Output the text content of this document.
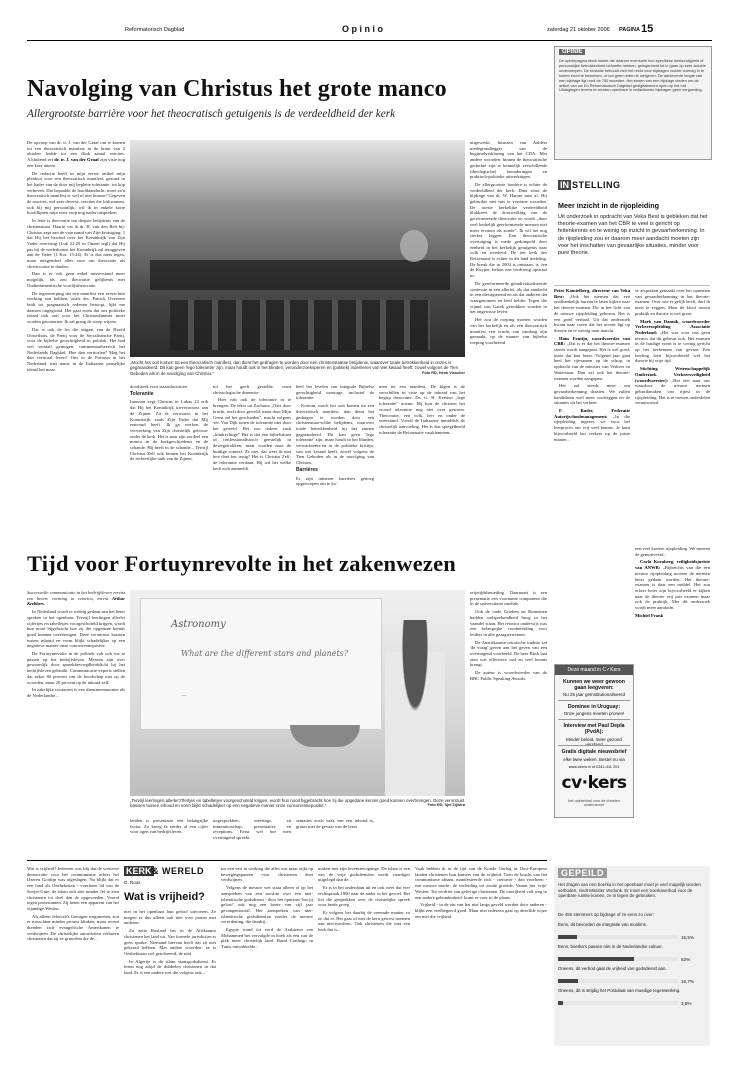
Reformatorisch Dagblad	O p i n i o	zaterdag 21 oktober 2006 PAGINA 15
Navolging van Christus het grote manco
Allergrootste barrière voor het theocratisch getuigenis is de verdeeldheid der kerk

De opvoep van dr. ir. J. van der Graaf om te komen tot een theocratisch manifest in de krant van 2 oktober leidde tot een flink aantal reacties. Afsluitend zet dr. ir. J. van der Graaf zijn visie nog een keer uiteen.

De redactie heeft in mijn eerste artikel mijn pleidooi voor een theocratisch manifest, gezond in het kader van de door mij beplette tolerantie, tot kop verheven. Dat bepaalde de hoofdaandacht: moet zo'n theocratisch manifest er wel of niet komen? Gegeven de reacties, wel zeer diverse, reacties die loskwamen, ook bij mij persoonlijk, wil ik in enkele korte hoofdlijnen mijn visie erop nog nader uitspreken.

In feite is theocratie ten diepste belijdenis van de christenstaat. Daarin vat ik dr. H. van den Belt bij: Christus zegt aan de voorzomd van Zijn kruisiging: 1 dat Hij het bewind over het Koninkrijk van Zijn Vader overvinig (Luk 22:29 in Onzen tegl) dat Hij pas bij de wederkomst het Koninkrijk zal teruggeven aan de Vader (1 Kor. 15:24). Er is dus niets tegen, maar integendeel alles voor om theocratie als christocratie te duiden.

Dan is er ook geen enkel misverstand meer mogelijk, als zou theocratie gelijkenis met Oudtestamentische voorlijstheocratie.

De tegenwerping dat een manifest een averechtse werking zou hebben, zoals drs. Patrick Overeem leidt tot pragmatisch redenen betoogt, lijkt me daarom ongegrond. Het gaat erom dat ons politieke ideaal ook ooit voor het Christusdimmer moet worden getoonzien. Ik zal graag de stoep wijzen.

Dat is ook de les die uitgaat van de Hoofd Oosterhuis, de Partij voor de Socialistische Partij, voor de bijbelse gerechtigheid in politiek. Het bad wel vertaalt gemogen, commentaarbeerich het Nederlands Dagblad. Hoe dan verticalen? Mag het dan verticaal leven? Ons in de Fortuyn in het Nederland, met name in de Italiaanse pauselijke ideaal het maar.

„Mocht het ooit komen tot een theocratisch manifest, dan dient het gedragen te worden door een christenstaatse betijdenis, waarover totale betrokkenheid in onzes is gegarandeerd. Dit kan geen 'lege tolerantie' zijn, maar houdt ook in het blinden, veronderzoeksperen en (politiek) indenleren van wet kwaad heeft, zowel volgens de Tien Geboden als in de navolging van Christus."	Foto RD, Henk Visscher

doodsteek voor staatsdoctritiee.

Tolerantie

Intussen zegt Christus in Lukas 22 ook dat Hij het Koninkrijk toevertrouwt aan de Zijnen. Zit ik vertrouwt in het Koninkrijk, zoals Zijn Vader dat Mij eenvoud heeft. Ik ga werken de verwerking van Zijn christelijk getrouw onder de kerk. Het is naar zijn oordeel een manco in de kerkgeschiedenis en de schande. Hij heeft in de schande... Tertrijl Christus Zelf ook binnen het Koninkrijk de rechterlijke taak van de Zijnen.

tot het geeft gestelde, want christologische dimensie.

Hier valt ook de tolerantie in te brengen. De tekst uit Zacharia „Niet door kracht, noch door geweld, maar door Mijn Geest zal het geschieden", macht volgens ver. Van Dijk tonen de tolerantie niet door het geweld. Het zou riskeer zaak „kindrechtige" Het is dat een bijbelstitaat of confessionalistisch geestelijk in dewegetrokken, maar worden naar de huidige context. Ze niet, dat weet ik niet hoe doet het terug? Het is Christus Zelf: de tolerantie verdaan. Hij wil het welke kerk zich aanmeldt.

heel het levelen van integrale Bijbelse gerechtigheid vanwage, inclusief de tolerantie.

Kortom, moch het ooit komen tot een theocratisch manifest, dan dient het gedragen te worden door een christenstaat-schhe belijdenis, waarover totale betrokkenheid bij het zinnen gegarandeerd. Dit kan geen 'lege tolerantie' zijn, maar houdt in het blinden, verwachtenis-en in de politieke kristijn, van wet kwaad heeft, zowel volgens de Tien Geboden als in de navolging van Christus.

Barrières

Er zijn intussen barrières genoeg opgeworpen om te ko-

men tot een manifest. De bigen is de verschillen in visie op de inhoud van het begrip theocratie. Ds. G. H. Kersten „lege tolerantie" noemt. Hij kon de christen het woord tolerantie nog niet over gewoon. Theocratie, een volk, leer en onder de weerstand. Vooral de Italiaanse inmiddels de christelijk aanvoeling. Het is dus spiegelbeeld tolerantie de Reformatie vastklemmen...

uitgewerkt. Intussen van Aalders medegrondlegger van de beginselverklaring van het CDA. Met andere woorden: binnen de theocratische gedachte zijn er kennelijk verschillende (theologische) benaderingen en praktisch-politieke uitwerkingen.

De allergrootste barrière is echter de verdeeldheid der kerk. Daar sloot de bijdrage van dr. W. Hamre mee af. Hij gebruikte niet mis te verstane woorden. De trieste kerkelijke verdeeldheid blokkeert de doorwerking van de gereformeerde theocratie en wordt „door veel kerkelijk gereformeerde mensen niet meer ervaren als zonde". Ik wil het nog sterker leggen. Een theocratische overtuiging is mede gedompeld door eenheid in het kerkelijk getuigenis naar volk en overheid. De ten kerk der Reformatie is echter in dit land tiedeling. De breuk die in 2004 is ontstaan, is, ten de Kuyper, helaas een verdrietig opstraat in.

De gereformeerde geïndividualiseerde confessie in een allerlei, als dat aandacht in een dievagierend en als dat anderen dat waargenomen en heel helder. Tegen die vijand van Gatek getrokken worden in het ongewisse leven.

Het zou de roeping moeten worden van het kerkelijk en als een theocratisch manifest een vrucht van vandaag zijn gemaakt, op de manier van bijbelse roeping voorbereid.

Tijd voor Fortuynrevolte in het zakenwezen

Succesvolle communicatie in het bedrijfsleven vereist een betere vorming in retorica, meent Arthur Krebbers.

In Nederland wordt te weinig gedaan aan het beter spreken in het openbaar. Tervrijl leerlingen allerlei cijfertjes en tabelletjes voorgeschoteld krijgen, wordt hun nooit bijgebracht hoe zij die opgedane kennis goed kunnen overbrengen. Deze verontrust basisen tussen inhoud en vorm blijkt schadelijker op een negatieve manier onze concurrentiepositie.

De Fortuynrevolte in de politiek valt ook toe te passen op het bedrijfsleven. Mensen zijn over gewoonlijk door spreekbevoegdheidslicht bij het bedrijfsleven gebruikt. Communicatie-experts stellen dat zeker 80 procent van de boodschap niet op de woorden, maar 20 procent op de inhoud zelf.

In zakelijke contacten is een dienstneemnomie als de Nederlandse...

Astronomy
What are the different stars and planets?
...
„Tervrijl leerlingen allerlei'z'lfertjes en tabelletjes voorgeschoteld krijgen, wordt hun nooit bijgebracht hoe zij die opgedane kennis goed kunnen overbrengen. Deze verontrust basisen tussen inhoud en vorm blijkt schadelijker op een negatieve manier onze concurrentiepositie."	Foto RD, Sjef Zijlstra

landen is presentatie een belangrijke factor. Zo kreeg ik eerder al een cijfer voor ogen van bedrijfsleven.

tiegesprekken, meetings, en inmonitorschap, presentaties en receptions. Eerst wel hoe men overtuigend spreekt.

sentaties zoals vaak van een inhoud is, groter met de gevaar van de lezer.

vrijetijdsbesteding. Daarnaast is een presentatie een voorname component die in de universitaire module.

Ook de oude Grieken en Romeinen hadden welsprekendheid hoog in het vaandel staan. Het retorica onderwijs was een belangrijke voorbereiding voor leiders in alle gezagsterreinen.

De Amerikaanse retorische traditie zal 'de vraag' geven aan het geven van een overtuigend voorbeeld. De heer Bush laat zien wat effectieve taal en veel kennis brengt.

De auteur is woordvoerder van de BBC Public Speaking Awards.

OPINIE
De opiniepagina biedt ruimte die daarom eventuele hun specifieke deskundigheid of persoonlijke betrokkenheid behoefte hebben, gelegenheid tot in gaan op zeer actuele onderwerpen. De redactie behoudt zich het recht voor bijdragen zonder overleg in te korten en/of te bewerken, of om geen reden te weigeren. De aanleverde lengte van een bijdrage ligt rond de 750 woorden. Het sturen van een bijdrage vinden om de artikel van uw En Reformatorisch Dagblad gedigitaliseerd open op het het Uitdagingen tevens te worden openbare in redactionele bijdragen geen vergoeding.
IN STELLING
Meer inzicht in de rijopleiding
Uit onderzoek in opdracht van Veka Best is gebleken dat het theorie-examen van het CBR te veel is gericht op feitenkennis en te weinig op inzicht in gevaarherkenning. In de rijopleiding zou er daarom meer aandacht moeten zijn voor het inschatten van gevaarlijke situaties, minder voor pure theorie.

Peter Kamtelberg, directeur van Veka Best: „Ook het mensen dat een onafhankelijk bureau te laten kijken naar het theorie-examen. Dit in het licht van de nieuwe rijopleiding gekozen. Het is een goed verhaal. Uit dat onderzoek kwam naar voren dat het accent ligt op theorie en te weinig naar inzicht.

Hans Fontijn, woordvoerder van CBR: „Dat is er dat het theorie-examen steeds wordt aangepast. Het is wel goed, maar dat kan beter. Volgend jaar gaat heel het rijexamen op de schop, in opdracht van de minister van Verkeer en Waterstaat. Dan zal ook het theorie-examen worden aangepast.

Het zal steeds meer om gevaarherkenning draaien. We zullen kandidaten veel meer voorleggen en de situaties uit het verkeer.

F. Rader, Federatie Autorijschoolmanagement: „In die rijopleiding ingezet, we voor het leerproces om vrij veel kennis. Je kunt bijvoorbeeld het verkeer op de juiste manier...

se afspraken gemaakt over het opnemen van gevaarherkenning in het theorie-examen. Over wie er gelijk heeft, durf ik niets te zeggen. Maar de kloof tussen praktijk en theorie is wel groot.

Mark van Dannik, woordvoerder Verkeersopleiding Associatie Nederland: „Het was voor ons geen nieuws dat dit gebeurt ook. Het examen in de huidige vorm is te weinig gericht op het herkennen van gevaar. Een leerling leert bijvoorbeeld wel het theorie bij vrije tijd.

Stichting Wetenschappelijk Onderzoek Verkeersveiligheid (woordvoerster): „Het ziet naar ons waardoor de nieuwe mensen gebruikmaken van rijtest in de rijopleiding. Het is te toetsen onderdelen verantwoord.

Deze maand in C✓Kers
Kunnen we weer gewoon gaan leegveren:
Nu 25 jaar geïnstitutionaliseerd
Dominee in Uruguay:
Onze jongens moeten pronen!
Interview met Paul Depla (PvdA):
Minder beleid, meer gezond
Gratis digitale nieuwsbrief
elke twee weken. Bestel nu via
www.ckers.nl of 0342-411 201
cv·kers
het opinieblad voor de christen ondernemer

een veel kortere rijopleiding. We moeten de gemotiveerd...

Carla Kornberg, veiligheidsjuriste van ANWB: „Bijbrechts van die een nieuwe rijopleiding moeten de mensen beter gedaan worden. Het theorie-examen is daar een middel. Het zou echter beter zijn bijvoorbeeld te kijken naar de theorie vrij jaar examen maar ook de praktijk. Met dit onderzoek wordt meer aandacht.

Michiel Frank

Wat is vrijheid? Iedereen was blij dat de westerse democratie voor het communisme achter het IJzeren Gordijn was afgeslagen. Nu blijkt dat er een land als Oezbekistan - voorheen lid van de Sovjet-Unie: de islam zult niet minder fel te zien christenen tot doel dan de opgevoeden. Vooral tegen protestanten. Zij heten een apparent van het vijandige Westen.

Als alleen Jehovah's Getuigen wegmoeten, zou er misschien minder protest klinken, maar recent dienden zich evangelische Amerikanen te verdwijnen. De christelijke autoriteiten verhoren christenen dat zij ze gruwelen die de...

KERK & WERELD
G. Roos
Wat is vrijheid?

niet in het openbaar hun geloof uitvoeren. Ze mogen er dus alleen ook niet over praten met anderen.

Zo zette Rusland het in de Afrikaanse christenen het land uit. Van formele jurisdicties is geen sprake. Niemand hiervan heeft dat zij niet gekeurd hebben. Met andere woorden: ze is Oezbekistan wel getolereerd, de niet.

In Algerije is de islam staatsgodsdienst. Er lezen nog altijd de dubbelen christenen in dat land. Er is een nadere wet die volgens ook...

tus een vert in werking die alles wat maar zijkt op bewegingspunten voor christenen doet verdwijnen.

Volgens de nieuwe wet staat alleen al op het aanspreken van een moslim over een niet-islamitische godsdienst - door het opnieuw 'het jij geloof' ook nog een boete van vijf jaar gevangenisstraf. Het aanspreken van niet-islamitische godsdiensten zonder de nieuwe verordening, die daarbij...

Egypte stond tot oord de Arabieren van Mohammed het vervolgde in hoek als een van de plek meer christelijk land. Bond Carthago in Tunis ontwikkelde...

maken met zijn levenstevogunge. De islam is een van de vrije godsdiensten wordt vaardiger uitgelegd dan de...

Er is in het onderdaan uit en ook weet dat vier rechtspraak 1000 naar de ander in het gevoel. Het liet die gesprekken over de christelijke spreek voor beide groep.

Er volgens het daarbij de vreemde manier zo zo dat er. Het gaat of niet de kern gewest noemen aan niet-moslims. Ook christenen die met een kerk dat is...

Vaak hebben ik in de tijd van de Koude Oorlog in Oost-Europese landen christenen hun kamers van de vrijheid. Toen de kracht van het communisme afnam, manifesteerde zich - ciertaver - dan voorheen - een nieuwe macht: de verleiding tot zonde groeide. Vanuit het 'vrije' Westen. Tot verdriet van gelovige christenen. De onvrijheid valt weg in een andere gebondenheid: komt er voor in de plaats.

Vrijheid - in de zin van het niet langs geveld worden door anderen - blijkt een veelbegeerd goed. Maar niet iedereen gaat op dezelfde wijze om met die vrijheid.

GEPEILD
Het dragen van een boerka in het openbaar moet je veel magelijk worden verboden, vindt Minister Verdonk. Er moet een boerkaverbod voor de openbare ruimte komen, ze in tegen de gebruiken.
De 450 stemmers op bijdrage of ze eens zo over:
Eens, dit bevordert de integratie van moslims.
15,5%
Eens, boerka's passen niet in de Nederlandse cultuur.
63%
Oneens, dit verbod gaat de vrijheid van godsdienst aan.
16,7%
Oneens, dit is strijdig het Postulaat van moedige tegenwerking.
3,8%
